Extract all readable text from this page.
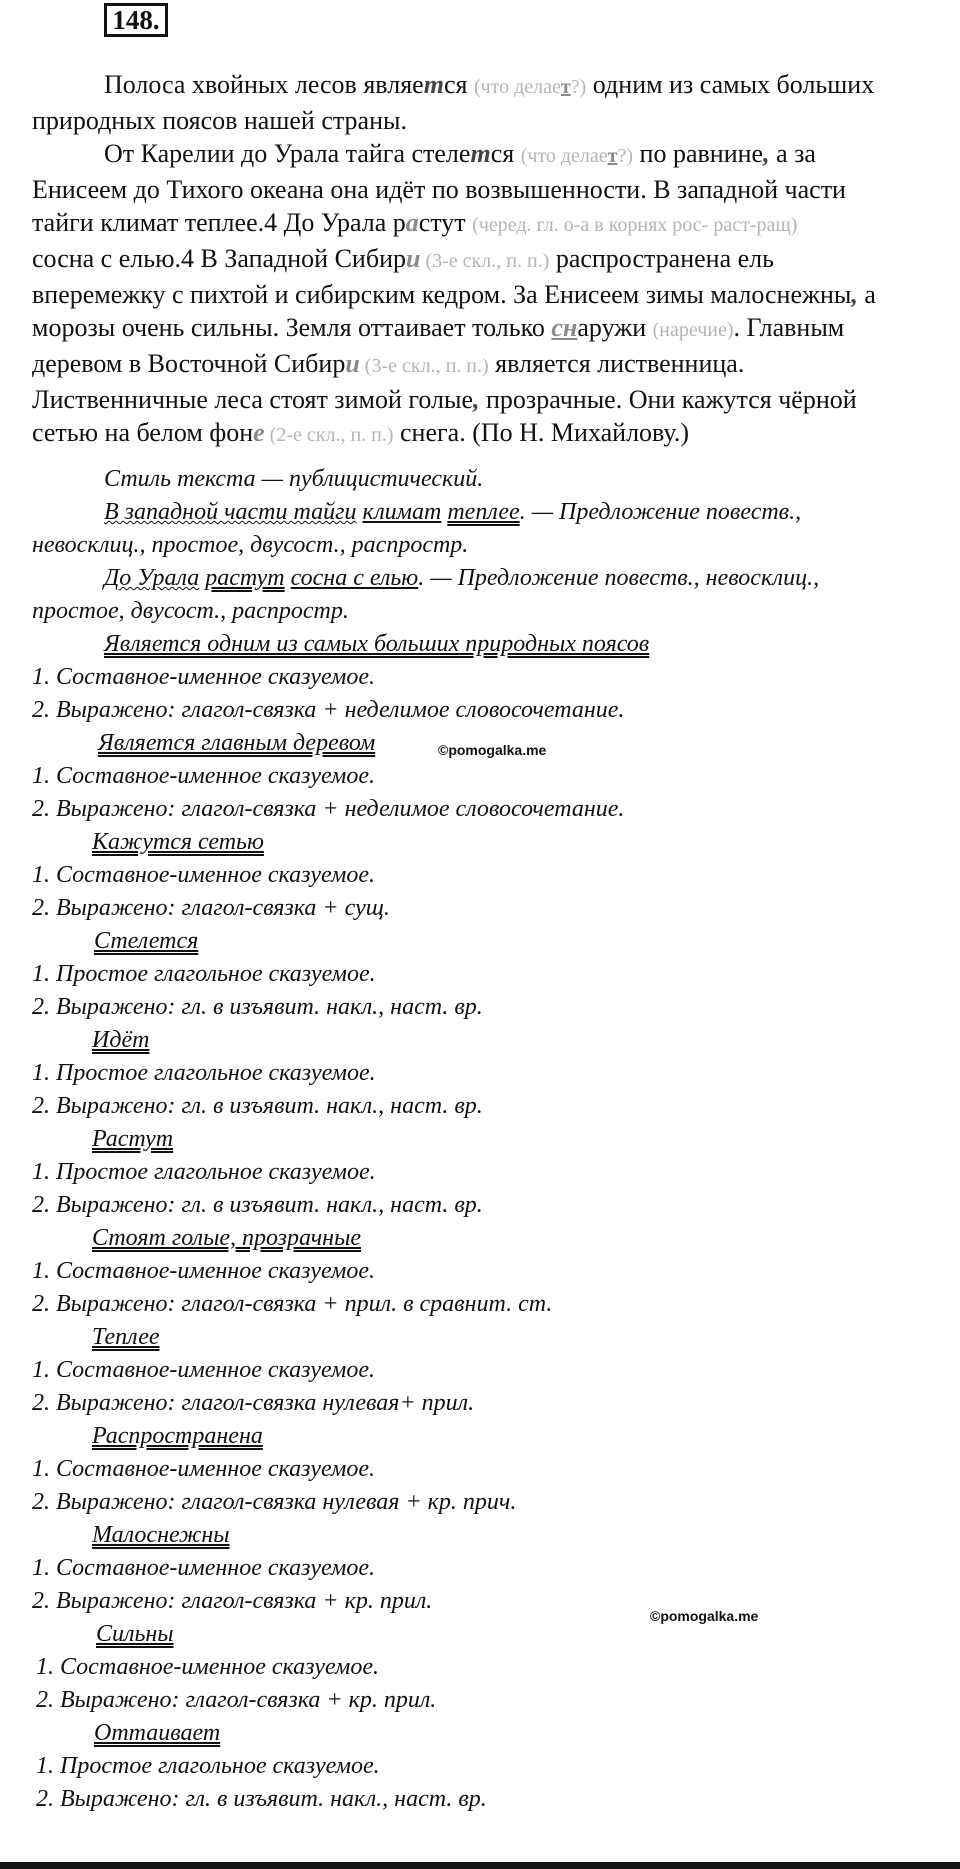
148.
Полоса хвойных лесов является (что делает?) одним из самых больших
природных поясов нашей страны.
От Карелии до Урала тайга стелется (что делает?) по равнине, а за
Енисеем до Тихого океана она идёт по возвышенности. В западной части
тайги климат теплее.4 До Урала растут (черед. гл. о-а в корнях рос- раст-ращ)
сосна с елью.4 В Западной Сибири (3-е скл., п. п.) распространена ель
вперемежку с пихтой и сибирским кедром. За Енисеем зимы малоснежны, а
морозы очень сильны. Земля оттаивает только снаружи (наречие). Главным
деревом в Восточной Сибири (3-е скл., п. п.) является лиственница.
Лиственничные леса стоят зимой голые, прозрачные. Они кажутся чёрной
сетью на белом фоне (2-е скл., п. п.) снега. (По Н. Михайлову.)
Стиль текста — публицистический.
В западной части тайги климат теплее. — Предложение повеств.,
невосклиц., простое, двусост., распростр.
До Урала растут сосна с елью. — Предложение повеств., невосклиц.,
простое, двусост., распростр.
Является одним из самых больших природных поясов
1. Составное-именное сказуемое.
2. Выражено: глагол-связка + неделимое словосочетание.
Является главным деревом
1. Составное-именное сказуемое.
2. Выражено: глагол-связка + неделимое словосочетание.
Кажутся сетью
1. Составное-именное сказуемое.
2. Выражено: глагол-связка + сущ.
Стелется
1. Простое глагольное сказуемое.
2. Выражено: гл. в изъявит. накл., наст. вр.
Идёт
1. Простое глагольное сказуемое.
2. Выражено: гл. в изъявит. накл., наст. вр.
Растут
1. Простое глагольное сказуемое.
2. Выражено: гл. в изъявит. накл., наст. вр.
Стоят голые, прозрачные
1. Составное-именное сказуемое.
2. Выражено: глагол-связка + прил. в сравнит. ст.
Теплее
1. Составное-именное сказуемое.
2. Выражено: глагол-связка нулевая+ прил.
Распространена
1. Составное-именное сказуемое.
2. Выражено: глагол-связка нулевая + кр. прич.
Малоснежны
1. Составное-именное сказуемое.
2. Выражено: глагол-связка + кр. прил.
Сильны
1. Составное-именное сказуемое.
2. Выражено: глагол-связка + кр. прил.
Оттаивает
1. Простое глагольное сказуемое.
2. Выражено: гл. в изъявит. накл., наст. вр.
©pomogalka.me
©pomogalka.me
